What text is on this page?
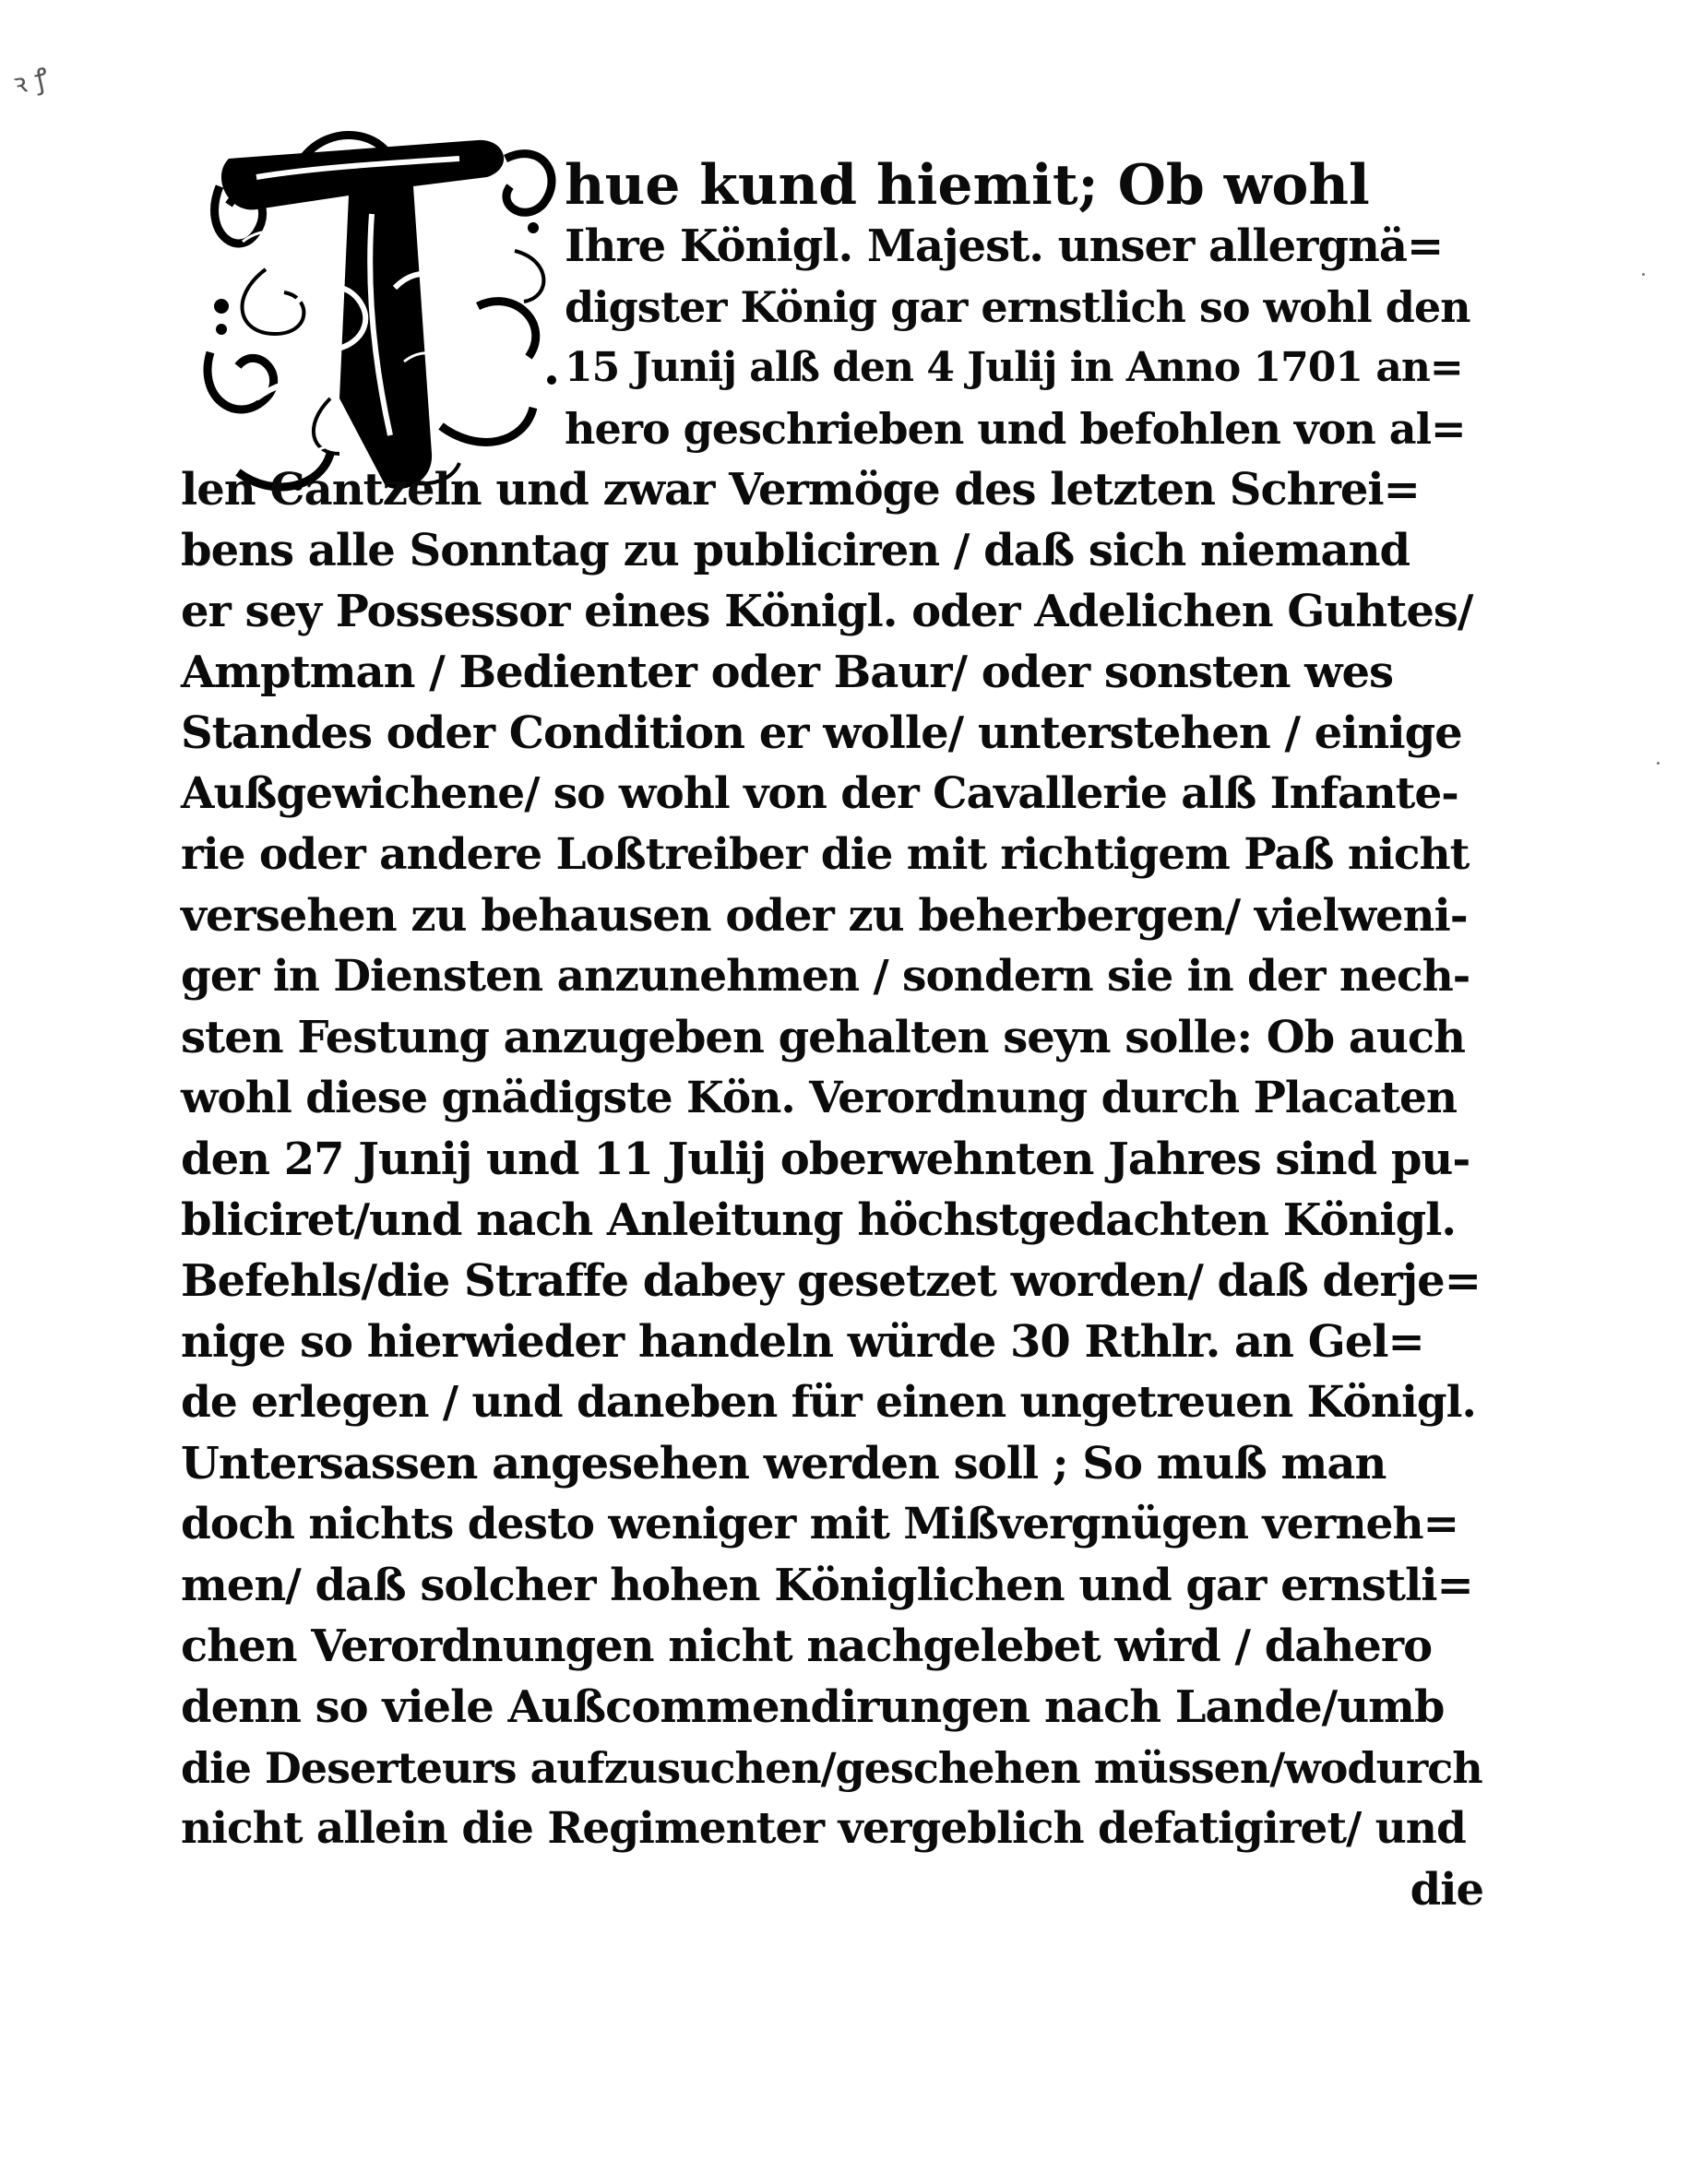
ꝛ ꝭ
hue kund hiemit; Ob wohl
Ihre Königl. Majest. unser allergnä=
digster König gar ernstlich so wohl den
15 Junij alß den 4 Julij in Anno 1701 an=
hero geschrieben und befohlen von al=
len Cantzeln und zwar Vermöge des letzten Schrei=
bens alle Sonntag zu publiciren / daß sich niemand
er sey Possessor eines Königl. oder Adelichen Guhtes/
Amptman / Bedienter oder Baur/ oder sonsten wes
Standes oder Condition er wolle/ unterstehen / einige
Außgewichene/ so wohl von der Cavallerie alß Infante-
rie oder andere Loßtreiber die mit richtigem Paß nicht
versehen zu behausen oder zu beherbergen/ vielweni-
ger in Diensten anzunehmen / sondern sie in der nech-
sten Festung anzugeben gehalten seyn solle: Ob auch
wohl diese gnädigste Kön. Verordnung durch Placaten
den 27 Junij und 11 Julij oberwehnten Jahres sind pu-
bliciret/und nach Anleitung höchstgedachten Königl.
Befehls/die Straffe dabey gesetzet worden/ daß derje=
nige so hierwieder handeln würde 30 Rthlr. an Gel=
de erlegen / und daneben für einen ungetreuen Königl.
Untersassen angesehen werden soll ; So muß man
doch nichts desto weniger mit Mißvergnügen verneh=
men/ daß solcher hohen Königlichen und gar ernstli=
chen Verordnungen nicht nachgelebet wird / dahero
denn so viele Außcommendirungen nach Lande/umb
die Deserteurs aufzusuchen/geschehen müssen/wodurch
nicht allein die Regimenter vergeblich defatigiret/ und
die
